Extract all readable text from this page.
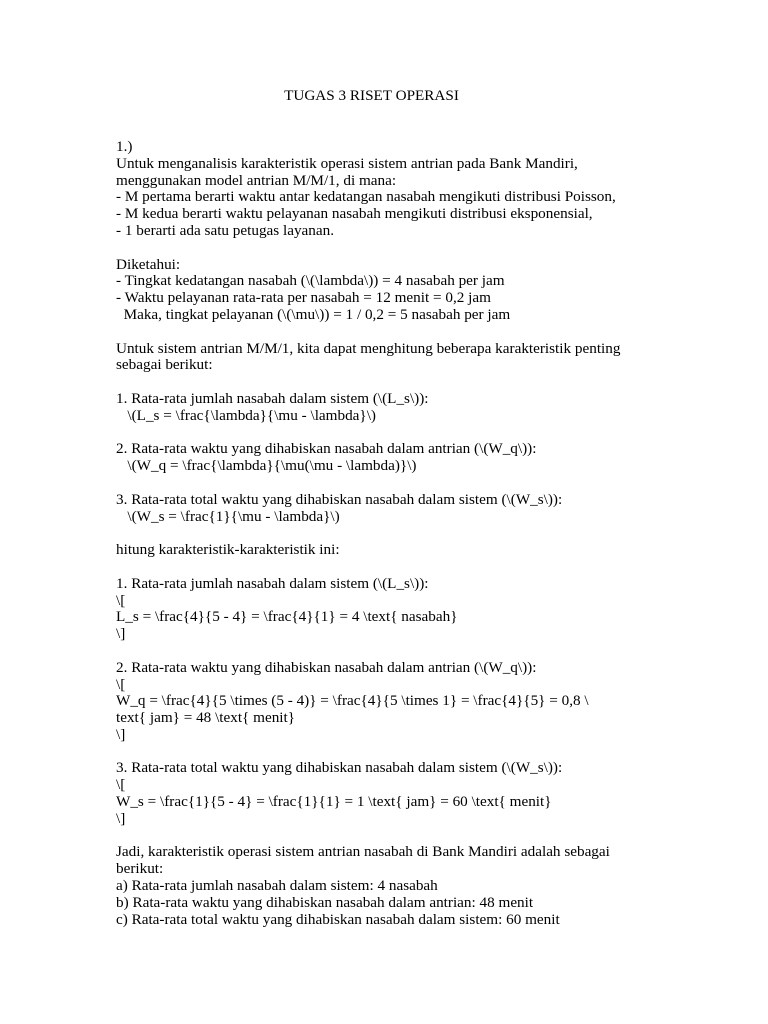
TUGAS 3 RISET OPERASI
1.)
Untuk menganalisis karakteristik operasi sistem antrian pada Bank Mandiri,
menggunakan model antrian M/M/1, di mana:
- M pertama berarti waktu antar kedatangan nasabah mengikuti distribusi Poisson,
- M kedua berarti waktu pelayanan nasabah mengikuti distribusi eksponensial,
- 1 berarti ada satu petugas layanan.
Diketahui:
- Tingkat kedatangan nasabah (\(\lambda\)) = 4 nasabah per jam
- Waktu pelayanan rata-rata per nasabah = 12 menit = 0,2 jam
Maka, tingkat pelayanan (\(\mu\)) = 1 / 0,2 = 5 nasabah per jam
Untuk sistem antrian M/M/1, kita dapat menghitung beberapa karakteristik penting
sebagai berikut:
1. Rata-rata jumlah nasabah dalam sistem (\(L_s\)):
\(L_s = \frac{\lambda}{\mu - \lambda}\)
2. Rata-rata waktu yang dihabiskan nasabah dalam antrian (\(W_q\)):
\(W_q = \frac{\lambda}{\mu(\mu - \lambda)}\)
3. Rata-rata total waktu yang dihabiskan nasabah dalam sistem (\(W_s\)):
\(W_s = \frac{1}{\mu - \lambda}\)
hitung karakteristik-karakteristik ini:
1. Rata-rata jumlah nasabah dalam sistem (\(L_s\)):
\[
L_s = \frac{4}{5 - 4} = \frac{4}{1} = 4 \text{ nasabah}
\]
2. Rata-rata waktu yang dihabiskan nasabah dalam antrian (\(W_q\)):
\[
W_q = \frac{4}{5 \times (5 - 4)} = \frac{4}{5 \times 1} = \frac{4}{5} = 0,8 \
text{ jam} = 48 \text{ menit}
\]
3. Rata-rata total waktu yang dihabiskan nasabah dalam sistem (\(W_s\)):
\[
W_s = \frac{1}{5 - 4} = \frac{1}{1} = 1 \text{ jam} = 60 \text{ menit}
\]
Jadi, karakteristik operasi sistem antrian nasabah di Bank Mandiri adalah sebagai
berikut:
a) Rata-rata jumlah nasabah dalam sistem: 4 nasabah
b) Rata-rata waktu yang dihabiskan nasabah dalam antrian: 48 menit
c) Rata-rata total waktu yang dihabiskan nasabah dalam sistem: 60 menit
